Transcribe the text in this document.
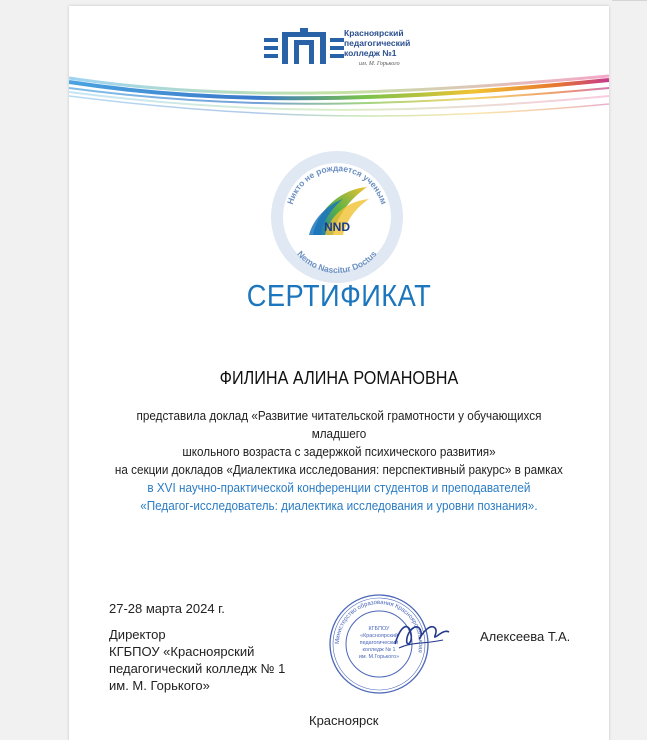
Красноярский
педагогический
колледж №1
им. М. Горького
Никто не рождается ученым
Nemo Nascitur Doctus
NND
СЕРТИФИКАТ
ФИЛИНА АЛИНА РОМАНОВНА
представила доклад «Развитие читательской грамотности у обучающихся младшего
школьного возраста с задержкой психического развития»
на секции докладов «Диалектика исследования: перспективный ракурс» в рамках
в XVI научно-практической конференции студентов и преподавателей
«Педагог-исследователь: диалектика исследования и уровни познания».
27-28 марта 2024 г.
Директор
КГБПОУ «Красноярский
педагогический колледж № 1
им. М. Горького»
Министерство образования Красноярского края
КГБПОУ
«Красноярский
педагогический
колледж № 1
им. М.Горького»
Алексеева Т.А.
Красноярск
